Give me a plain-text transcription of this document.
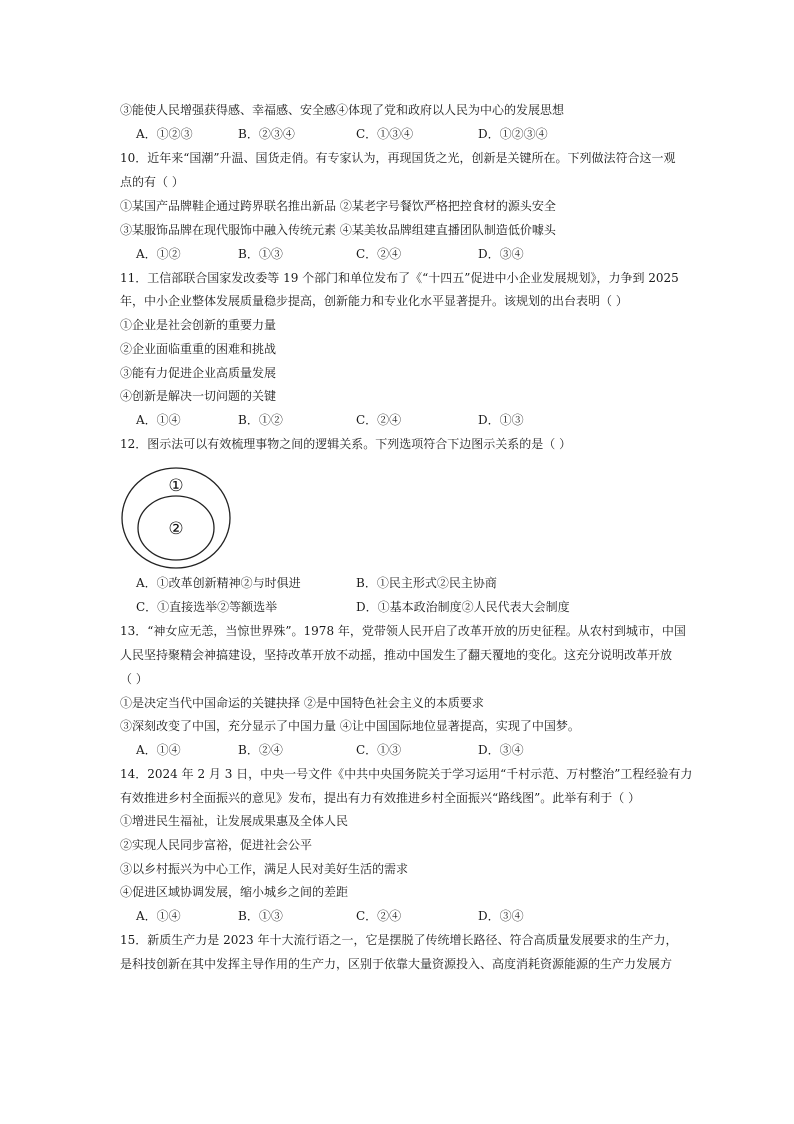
③能使人民增强获得感、幸福感、安全感④体现了党和政府以人民为中心的发展思想
A．①②③	B．②③④	C．①③④	D．①②③④
10．近年来“国潮”升温、国货走俏。有专家认为，再现国货之光，创新是关键所在。下列做法符合这一观
点的有（ ）
①某国产品牌鞋企通过跨界联名推出新品 ②某老字号餐饮严格把控食材的源头安全
③某服饰品牌在现代服饰中融入传统元素 ④某美妆品牌组建直播团队制造低价噱头
A．①②	B．①③	C．②④	D．③④
11．工信部联合国家发改委等 19 个部门和单位发布了《“十四五”促进中小企业发展规划》，力争到 2025
年，中小企业整体发展质量稳步提高，创新能力和专业化水平显著提升。该规划的出台表明（ ）
①企业是社会创新的重要力量
②企业面临重重的困难和挑战
③能有力促进企业高质量发展
④创新是解决一切问题的关键
A．①④	B．①②	C．②④	D．①③
12．图示法可以有效梳理事物之间的逻辑关系。下列选项符合下边图示关系的是（ ）
①
②
A．①改革创新精神②与时俱进	B．①民主形式②民主协商
C．①直接选举②等额选举	D．①基本政治制度②人民代表大会制度
13．“神女应无恙，当惊世界殊”。1978 年，党带领人民开启了改革开放的历史征程。从农村到城市，中国
人民坚持聚精会神搞建设，坚持改革开放不动摇，推动中国发生了翻天覆地的变化。这充分说明改革开放
（ ）
①是决定当代中国命运的关键抉择 ②是中国特色社会主义的本质要求
③深刻改变了中国，充分显示了中国力量 ④让中国国际地位显著提高，实现了中国梦。
A．①④	B．②④	C．①③	D．③④
14．2024 年 2 月 3 日，中央一号文件《中共中央国务院关于学习运用“千村示范、万村整治”工程经验有力
有效推进乡村全面振兴的意见》发布，提出有力有效推进乡村全面振兴“路线图”。此举有利于（ ）
①增进民生福祉，让发展成果惠及全体人民
②实现人民同步富裕，促进社会公平
③以乡村振兴为中心工作，满足人民对美好生活的需求
④促进区域协调发展，缩小城乡之间的差距
A．①④	B．①③	C．②④	D．③④
15．新质生产力是 2023 年十大流行语之一，它是摆脱了传统增长路径、符合高质量发展要求的生产力，
是科技创新在其中发挥主导作用的生产力，区别于依靠大量资源投入、高度消耗资源能源的生产力发展方
